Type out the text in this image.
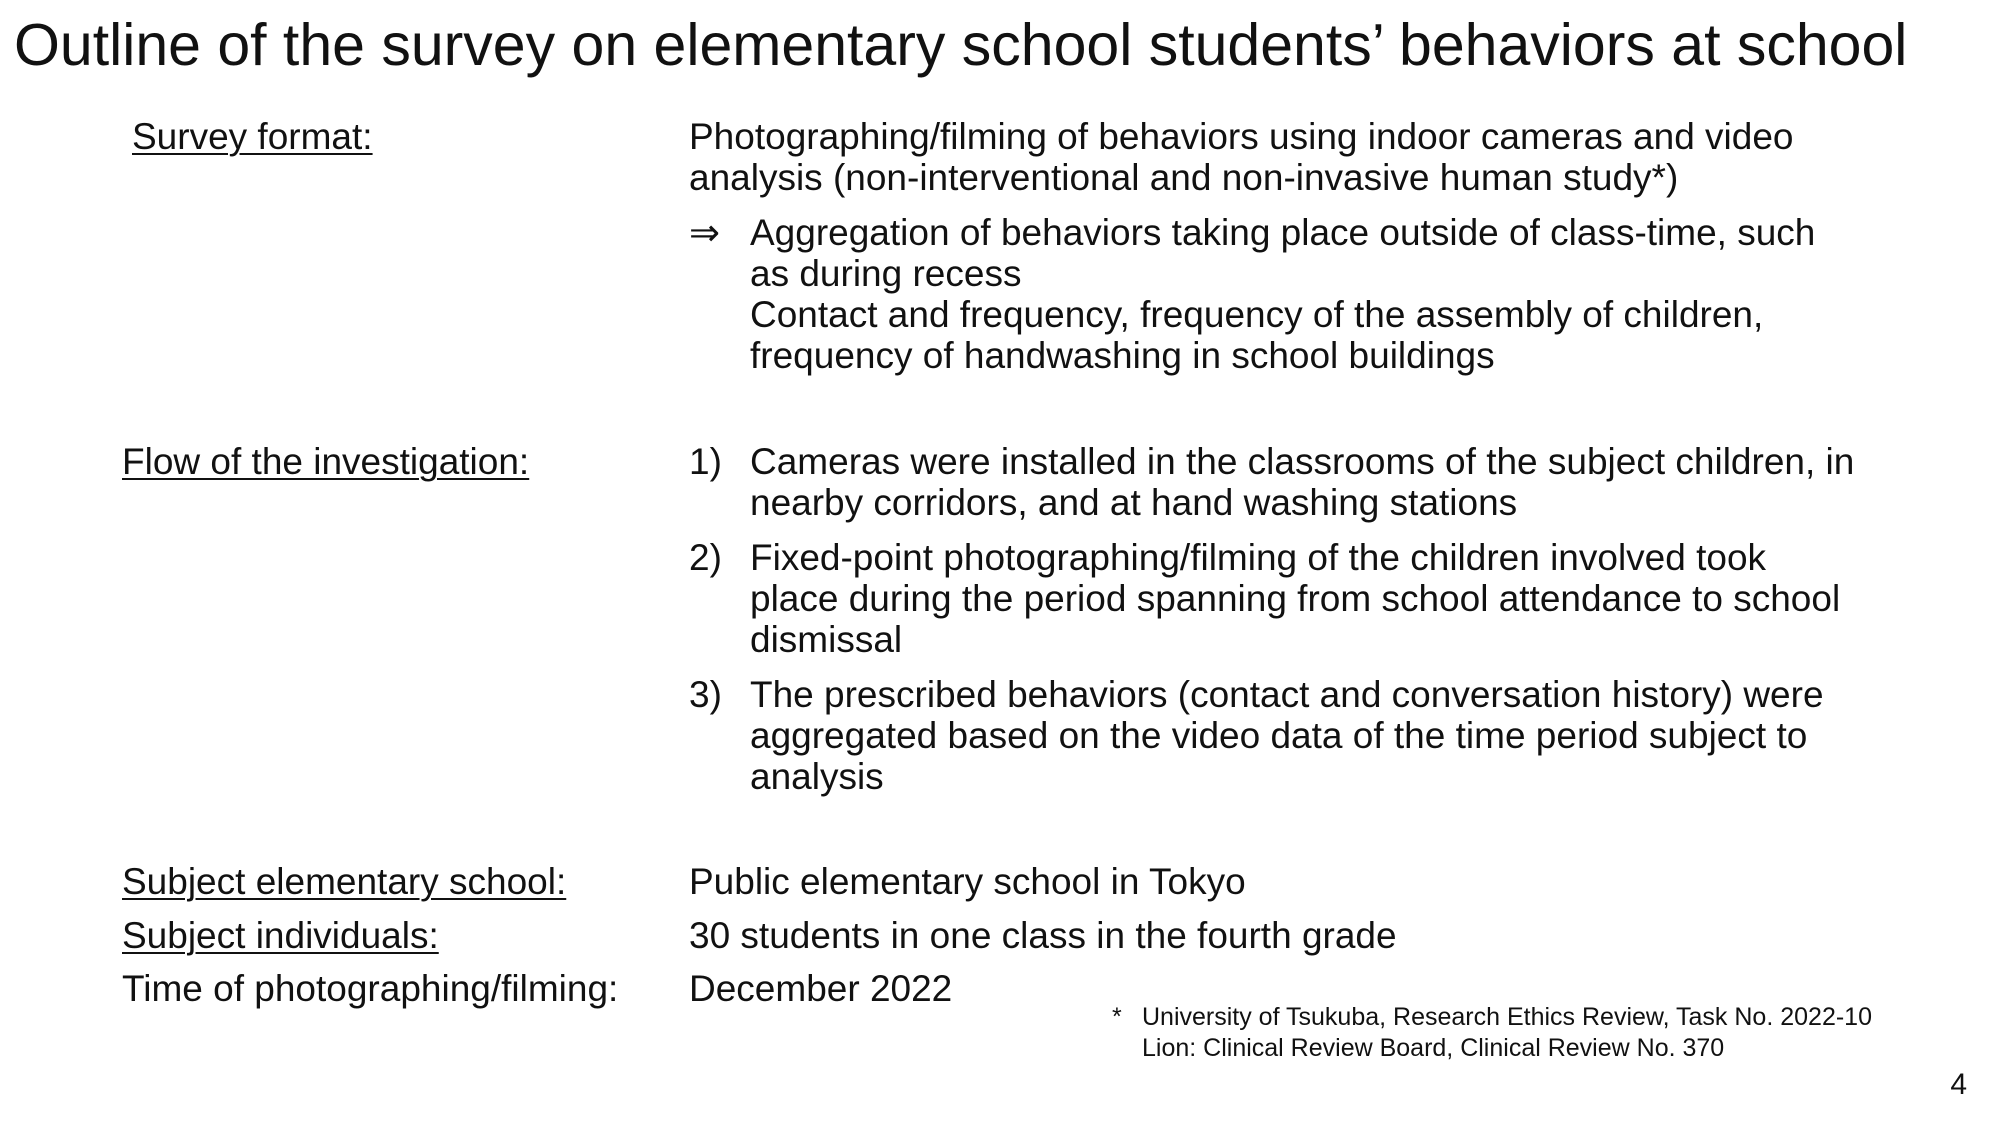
Outline of the survey on elementary school students’ behaviors at school
Survey format:	Photographing/filming of behaviors using indoor cameras and video
analysis (non-interventional and non-invasive human study*)
⇒ Aggregation of behaviors taking place outside of class-time, such
as during recess
Contact and frequency, frequency of the assembly of children,
frequency of handwashing in school buildings
Flow of the investigation:	1) Cameras were installed in the classrooms of the subject children, in
nearby corridors, and at hand washing stations
2) Fixed-point photographing/filming of the children involved took
place during the period spanning from school attendance to school
dismissal
3) The prescribed behaviors (contact and conversation history) were
aggregated based on the video data of the time period subject to
analysis
Subject elementary school:	Public elementary school in Tokyo
Subject individuals:	30 students in one class in the fourth grade
Time of photographing/filming:	December 2022
* University of Tsukuba, Research Ethics Review, Task No. 2022-10
Lion: Clinical Review Board, Clinical Review No. 370
4
